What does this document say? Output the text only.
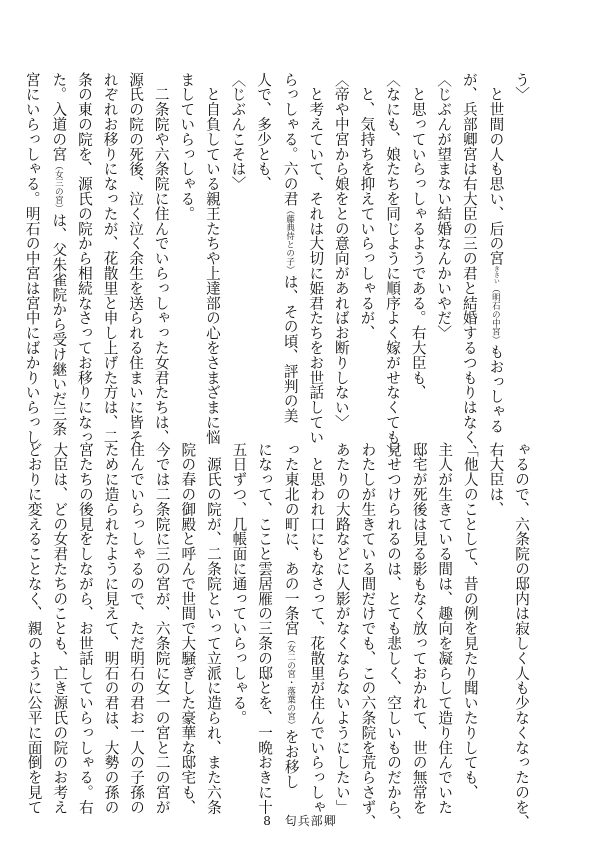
う〉
　と世間の人も思い、后の宮きさい（明石の中宮）もおっしゃる
が、兵部卿宮は右大臣の三の君と結婚するつもりはなく、
〈じぶんが望まない結婚なんかいやだ〉
　と思っていらっしゃるようである。右大臣も、
〈なにも、娘たちを同じように順序よく嫁がせなくても〉
　と、気持ちを抑えていらっしゃるが、
〈帝や中宮から娘をとの意向があればお断りしない〉
　と考えていて、それは大切に姫君たちをお世話してい
らっしゃる。六の君（藤典侍との子）は、その頃、評判の美
人で、多少とも、
〈じぶんこそは〉
　と自負している親王たちや上達部の心をさまざまに悩
ましていらっしゃる。
　二条院や六条院に住んでいらっしゃった女君たちは、
源氏の院の死後、泣く泣く余生を送られる住まいに皆そ
れぞれお移りになったが、花散里と申し上げた方は、二
条の東の院を、源氏の院から相続なさってお移りになっ
た。入道の宮（女三の宮）は、父朱雀院から受け継いだ三条
宮にいらっしゃる。明石の中宮は宮中にばかりいらっし
ゃるので、六条院の邸内は寂しく人も少なくなったのを、
右大臣は、
「他人のことして、昔の例を見たり聞いたりしても、
主人が生きている間は、趣向を凝らして造り住んでいた
邸宅が死後は見る影もなく放っておかれて、世の無常を
見せつけられるのは、とても悲しく、空しいものだから、
わたしが生きている間だけでも、この六条院を荒らさず、
あたりの大路などに人影がなくならないようにしたい」
　と思われ口にもなさって、花散里が住んでいらっしゃ
った東北の町に、あの一条宮（女二の宮・落葉の宮）をお移し
になって、ここと雲居雁の三条の邸とを、一晩おきに十
五日ずつ、几帳面に通っていらっしゃる。
　源氏の院が、二条院といって立派に造られ、また六条
院の春の御殿と呼んで世間で大騒ぎした豪華な邸宅も、
今では二条院に三の宮が、六条院に女一の宮と二の宮が
住んでいらっしゃるので、ただ明石の君お一人の子孫の
ために造られたように見えて、明石の君は、大勢の孫の
宮たちの後見をしながら、お世話していらっしゃる。右
大臣は、どの女君たちのことも、亡き源氏の院のお考え
どおりに変えることなく、親のように公平に面倒を見て
8 匂兵部卿
